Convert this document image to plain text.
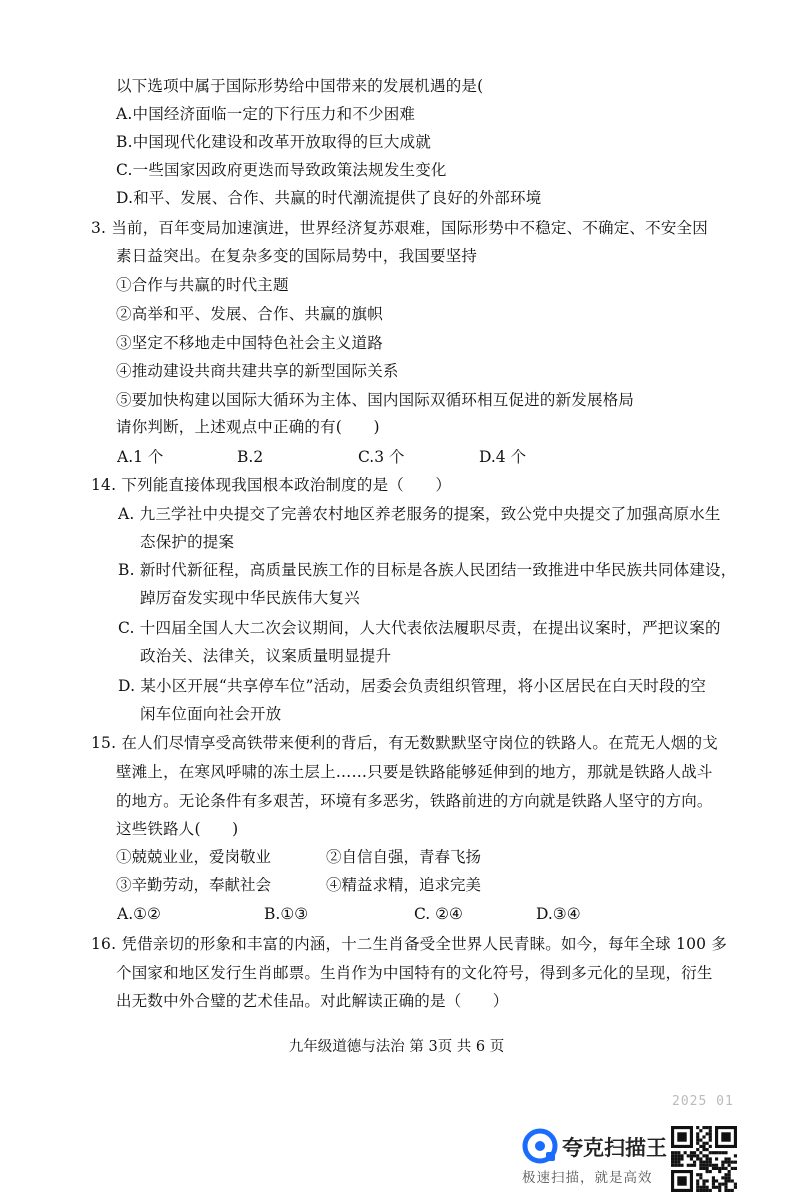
以下选项中属于国际形势给中国带来的发展机遇的是(
A.中国经济面临一定的下行压力和不少困难
B.中国现代化建设和改革开放取得的巨大成就
C.一些国家因政府更迭而导致政策法规发生变化
D.和平、发展、合作、共赢的时代潮流提供了良好的外部环境
3. 当前，百年变局加速演进，世界经济复苏艰难，国际形势中不稳定、不确定、不安全因
素日益突出。在复杂多变的国际局势中，我国要坚持
①合作与共赢的时代主题
②高举和平、发展、合作、共赢的旗帜
③坚定不移地走中国特色社会主义道路
④推动建设共商共建共享的新型国际关系
⑤要加快构建以国际大循环为主体、国内国际双循环相互促进的新发展格局
请你判断，上述观点中正确的有(　　)
A.1 个	B.2	C.3 个	D.4 个
14. 下列能直接体现我国根本政治制度的是（　　）
A. 九三学社中央提交了完善农村地区养老服务的提案，致公党中央提交了加强高原水生
态保护的提案
B. 新时代新征程，高质量民族工作的目标是各族人民团结一致推进中华民族共同体建设，
踔厉奋发实现中华民族伟大复兴
C. 十四届全国人大二次会议期间，人大代表依法履职尽责，在提出议案时，严把议案的
政治关、法律关，议案质量明显提升
D. 某小区开展“共享停车位”活动，居委会负责组织管理，将小区居民在白天时段的空
闲车位面向社会开放
15. 在人们尽情享受高铁带来便利的背后，有无数默默坚守岗位的铁路人。在荒无人烟的戈
壁滩上，在寒风呼啸的冻土层上……只要是铁路能够延伸到的地方，那就是铁路人战斗
的地方。无论条件有多艰苦，环境有多恶劣，铁路前进的方向就是铁路人坚守的方向。
这些铁路人(　　)
①兢兢业业，爱岗敬业	②自信自强，青春飞扬
③辛勤劳动，奉献社会	④精益求精，追求完美
A.①②	B.①③	C. ②④	D.③④
16. 凭借亲切的形象和丰富的内涵，十二生肖备受全世界人民青睐。如今，每年全球 100 多
个国家和地区发行生肖邮票。生肖作为中国特有的文化符号，得到多元化的呈现，衍生
出无数中外合璧的艺术佳品。对此解读正确的是（　　）
九年级道德与法治 第 3页 共 6 页
2025 01
夸克扫描王
极速扫描，就是高效
